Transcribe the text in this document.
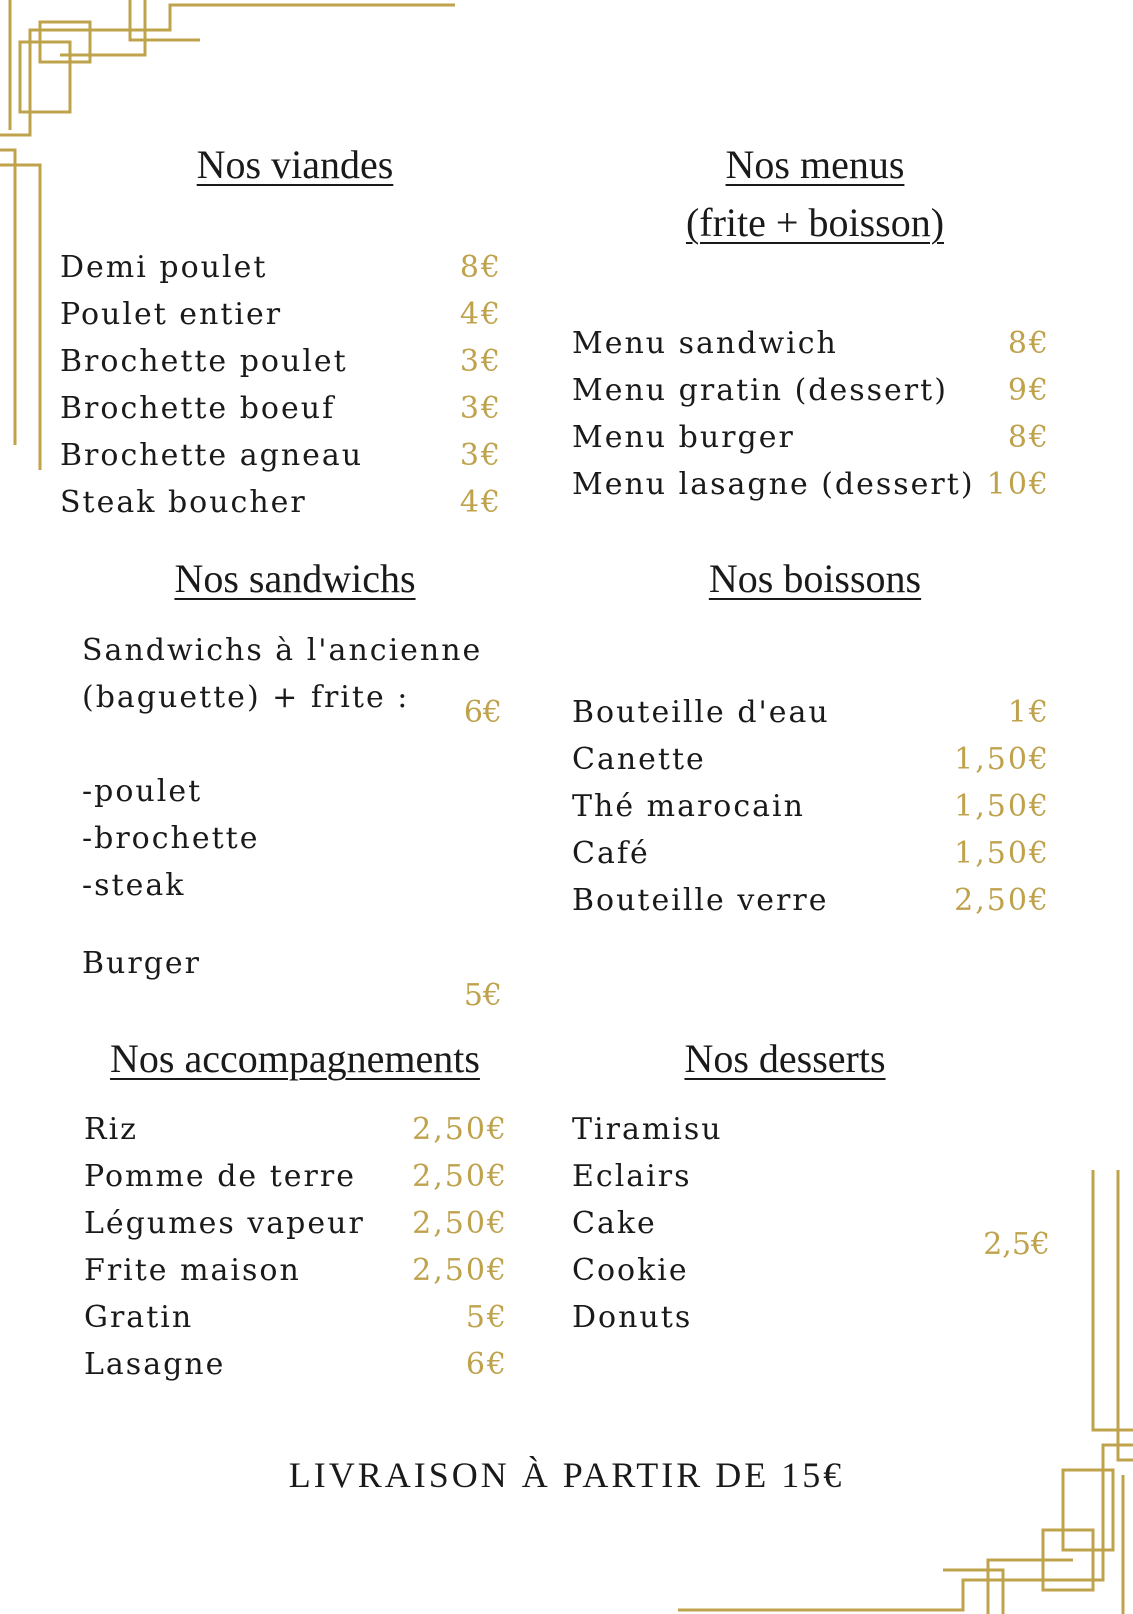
Nos viandes
Demi poulet	8€
Poulet entier	4€
Brochette poulet	3€
Brochette boeuf	3€
Brochette agneau	3€
Steak boucher	4€
Nos menus
(frite + boisson)
Menu sandwich	8€
Menu gratin (dessert) 9€
Menu burger	8€
Menu lasagne (dessert) 10€
Nos sandwichs
Sandwichs à l'ancienne
(baguette) + frite : 6€
-poulet
-brochette
-steak
Burger
5€
Nos boissons
Bouteille d'eau	1€
Canette	1,50€
Thé marocain	1,50€
Café	1,50€
Bouteille verre	2,50€
Nos accompagnements
Riz	2,50€
Pomme de terre 2,50€
Légumes vapeur 2,50€
Frite maison	2,50€
Gratin	5€
Lasagne	6€
Nos desserts
Tiramisu
Eclairs
Cake
Cookie
Donuts
2,5€
LIVRAISON À PARTIR DE 15€
